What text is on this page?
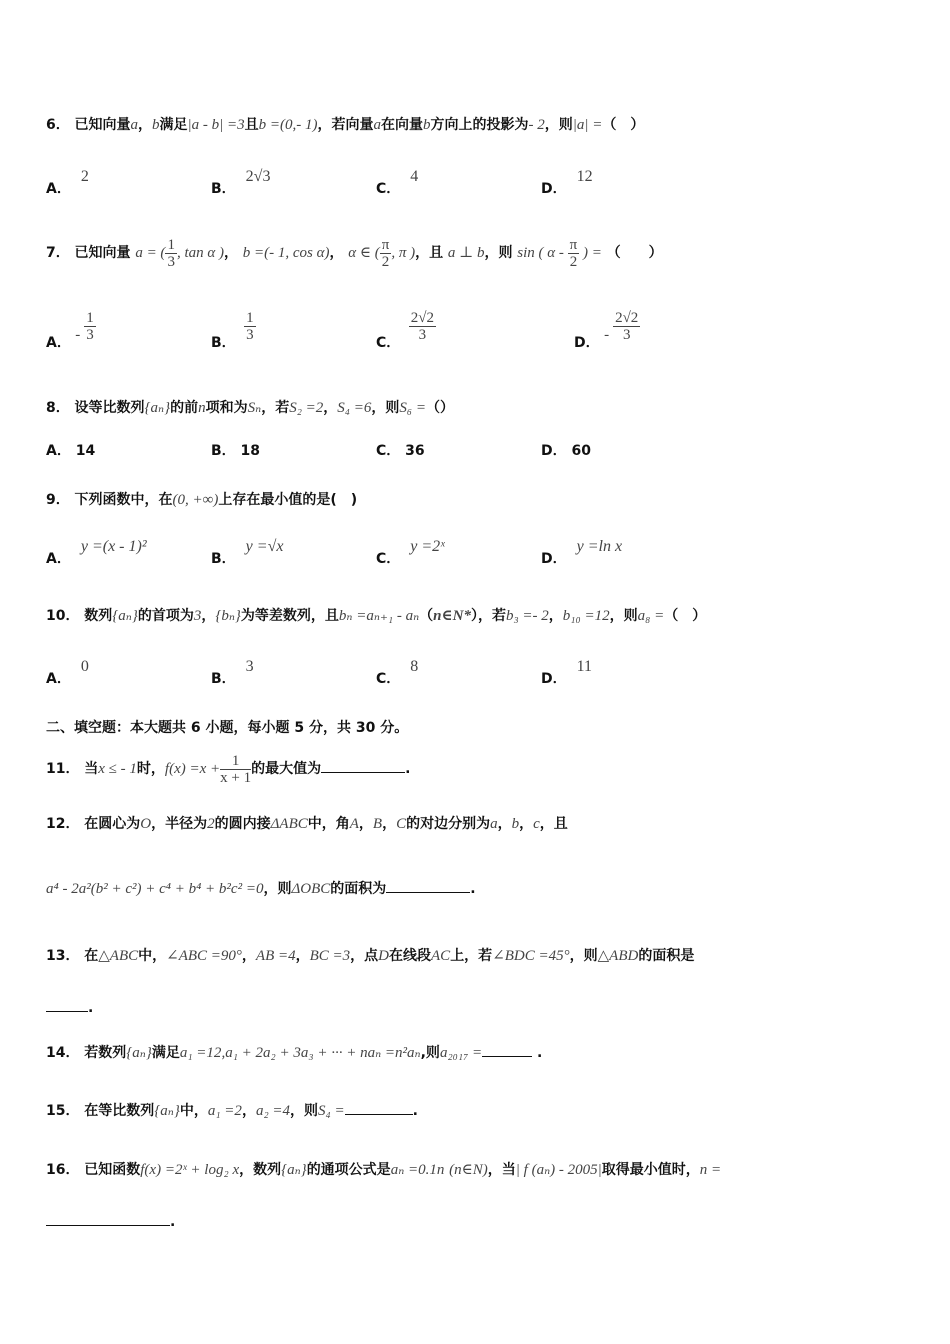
6． 已知向量a，b满足|a - b| =3且b =(0,- 1)，若向量a在向量b方向上的投影为- 2，则|a| =（　）
A．2
B．2√3
C．4
D．12
7． 已知向量 a = ( $\frac{1}{3}$ , tan α )， b =(- 1, cos α)， α ∈ ( $\frac{\pi}{2}$ , π )，且 a ⊥ b，则 sin ( α - $\frac{\pi}{2}$ ) = （　　）
A． - $\frac{1}{3}$	B． $\frac{1}{3}$	C． $\frac{2√2}{3}$	D． - $\frac{2√2}{3}$
8． 设等比数列{aₙ}的前n项和为Sₙ，若S₂ =2，S₄ =6，则S₆ =（）
A． 14	B． 18	C． 36	D． 60
9． 下列函数中，在(0, +∞)上存在最小值的是(　)
A．y =(x - 1)²
B．y =√x
C．y =2ˣ
D．y =ln x
10． 数列{aₙ}的首项为3，{bₙ}为等差数列，且bₙ =aₙ₊₁ - aₙ（n∈N*），若b₃ =- 2，b₁₀ =12，则a₈ =（　）
A．0
B．3
C．8
D．11
二、填空题：本大题共 6 小题，每小题 5 分，共 30 分。
11． 当x ≤ - 1时，$f(x) =x + \frac{1}{x + 1}$ 的最大值为	.
12． 在圆心为O，半径为2的圆内接ΔABC中，角A，B，C的对边分别为a，b，c，且
a⁴ - 2a²(b² + c²) + c⁴ + b⁴ + b²c² =0，则ΔOBC的面积为	.
13． 在△ABC中，∠ABC =90°，AB =4，BC =3，点D在线段AC上，若∠BDC =45°，则△ABD的面积是
.
14． 若数列{aₙ}满足a₁ =12,a₁ + 2a₂ + 3a₃ + ··· + naₙ =n²aₙ,则a₂₀₁₇ =	.
15． 在等比数列{aₙ}中，a₁ =2，a₂ =4，则S₄ =	.
16． 已知函数f(x) =2ˣ + log₂ x，数列{aₙ}的通项公式是aₙ =0.1n (n∈N)，当| f (aₙ) - 2005|取得最小值时，n =
.
